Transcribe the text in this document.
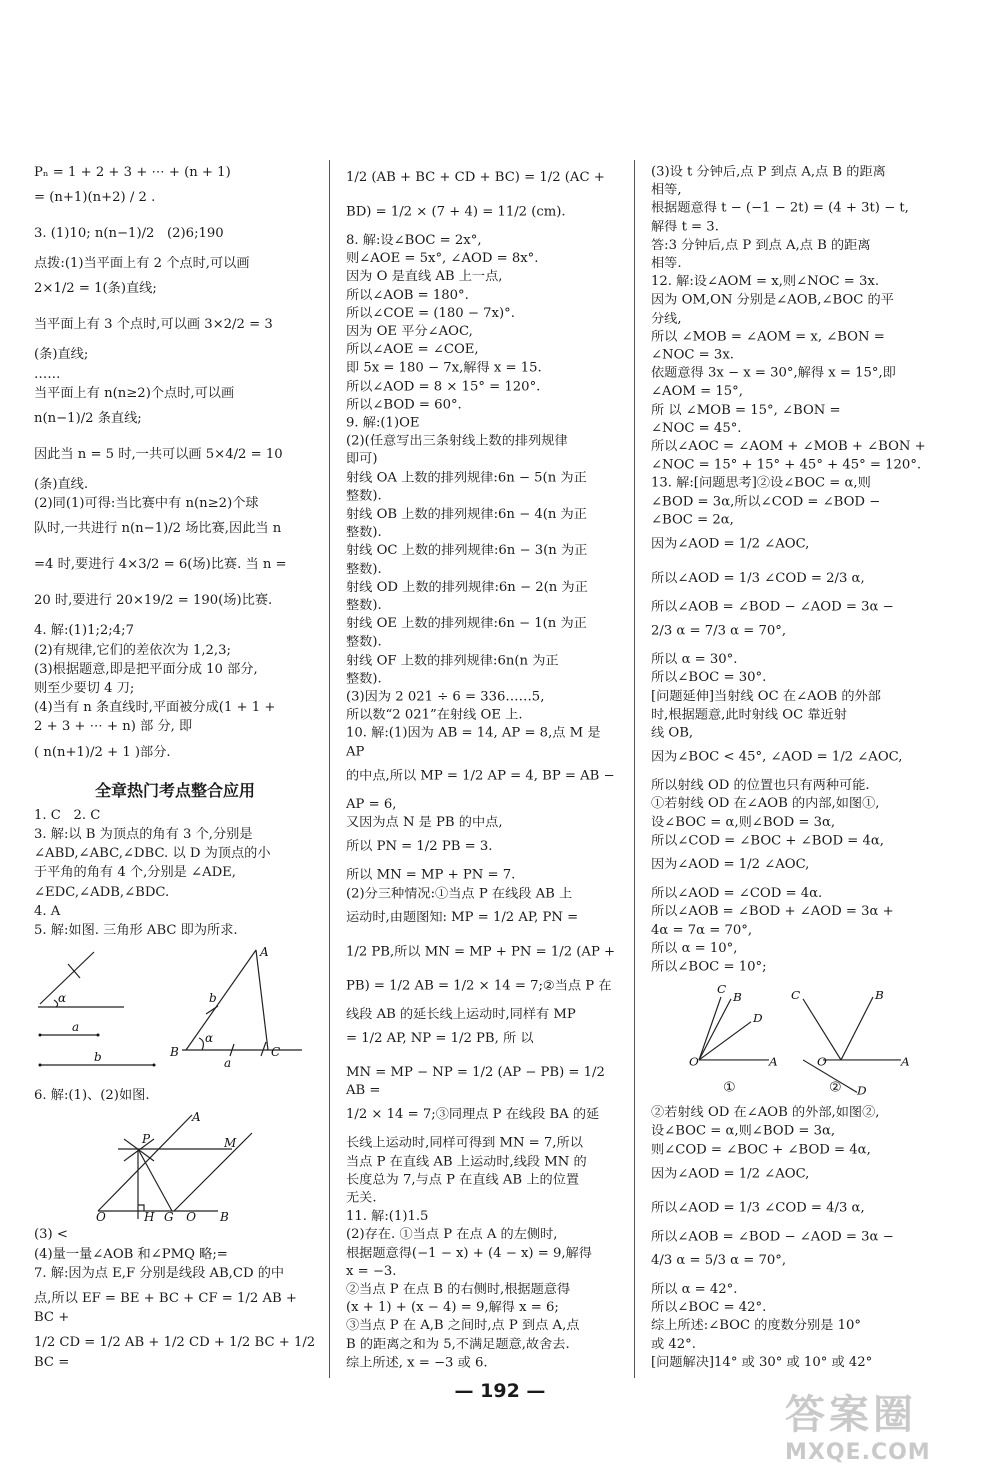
Pₙ = 1 + 2 + 3 + ⋯ + (n + 1)
= (n+1)(n+2) / 2 .
3. (1)10; n(n−1)/2   (2)6;190
点拨:(1)当平面上有 2 个点时,可以画
2×1/2 = 1(条)直线;
当平面上有 3 个点时,可以画 3×2/2 = 3
(条)直线;
……
当平面上有 n(n≥2)个点时,可以画
n(n−1)/2 条直线;
因此当 n = 5 时,一共可以画 5×4/2 = 10
(条)直线.
(2)同(1)可得:当比赛中有 n(n≥2)个球
队时,一共进行 n(n−1)/2 场比赛,因此当 n
=4 时,要进行 4×3/2 = 6(场)比赛. 当 n =
20 时,要进行 20×19/2 = 190(场)比赛.
4. 解:(1)1;2;4;7
(2)有规律,它们的差依次为 1,2,3;
(3)根据题意,即是把平面分成 10 部分,
则至少要切 4 刀;
(4)当有 n 条直线时,平面被分成(1 + 1 +
2 + 3 + ⋯ + n) 部 分, 即
( n(n+1)/2 + 1 )部分.
全章热门考点整合应用
1. C   2. C
3. 解:以 B 为顶点的角有 3 个,分别是
∠ABD,∠ABC,∠DBC. 以 D 为顶点的小
于平角的角有 4 个,分别是 ∠ADE,
∠EDC,∠ADB,∠BDC.
4. A
5. 解:如图. 三角形 ABC 即为所求.
α
a
b	B
A
C
α
b
a
6. 解:(1)、(2)如图.
A
P	M
O	H G Q B
(3) <
(4)量一量∠AOB 和∠PMQ 略;=
7. 解:因为点 E,F 分别是线段 AB,CD 的中
点,所以 EF = BE + BC + CF = 1/2 AB + BC +
1/2 CD = 1/2 AB + 1/2 CD + 1/2 BC + 1/2 BC =
1/2 (AB + BC + CD + BC) = 1/2 (AC +
BD) = 1/2 × (7 + 4) = 11/2 (cm).
8. 解:设∠BOC = 2x°,
则∠AOE = 5x°, ∠AOD = 8x°.
因为 O 是直线 AB 上一点,
所以∠AOB = 180°.
所以∠COE = (180 − 7x)°.
因为 OE 平分∠AOC,
所以∠AOE = ∠COE,
即 5x = 180 − 7x,解得 x = 15.
所以∠AOD = 8 × 15° = 120°.
所以∠BOD = 60°.
9. 解:(1)OE
(2)(任意写出三条射线上数的排列规律
即可)
射线 OA 上数的排列规律:6n − 5(n 为正
整数).
射线 OB 上数的排列规律:6n − 4(n 为正
整数).
射线 OC 上数的排列规律:6n − 3(n 为正
整数).
射线 OD 上数的排列规律:6n − 2(n 为正
整数).
射线 OE 上数的排列规律:6n − 1(n 为正
整数).
射线 OF 上数的排列规律:6n(n 为正
整数).
(3)因为 2 021 ÷ 6 = 336……5,
所以数“2 021”在射线 OE 上.
10. 解:(1)因为 AB = 14, AP = 8,点 M 是 AP
的中点,所以 MP = 1/2 AP = 4, BP = AB −
AP = 6,
又因为点 N 是 PB 的中点,
所以 PN = 1/2 PB = 3.
所以 MN = MP + PN = 7.
(2)分三种情况:①当点 P 在线段 AB 上
运动时,由题图知: MP = 1/2 AP, PN =
1/2 PB,所以 MN = MP + PN = 1/2 (AP +
PB) = 1/2 AB = 1/2 × 14 = 7;②当点 P 在
线段 AB 的延长线上运动时,同样有 MP
= 1/2 AP, NP = 1/2 PB, 所 以
MN = MP − NP = 1/2 (AP − PB) = 1/2 AB =
1/2 × 14 = 7;③同理点 P 在线段 BA 的延
长线上运动时,同样可得到 MN = 7,所以
当点 P 在直线 AB 上运动时,线段 MN 的
长度总为 7,与点 P 在直线 AB 上的位置
无关.
11. 解:(1)1.5
(2)存在. ①当点 P 在点 A 的左侧时,
根据题意得(−1 − x) + (4 − x) = 9,解得
x = −3.
②当点 P 在点 B 的右侧时,根据题意得
(x + 1) + (x − 4) = 9,解得 x = 6;
③当点 P 在 A,B 之间时,点 P 到点 A,点
B 的距离之和为 5,不满足题意,故舍去.
综上所述, x = −3 或 6.
(3)设 t 分钟后,点 P 到点 A,点 B 的距离
相等,
根据题意得 t − (−1 − 2t) = (4 + 3t) − t,
解得 t = 3.
答:3 分钟后,点 P 到点 A,点 B 的距离
相等.
12. 解:设∠AOM = x,则∠NOC = 3x.
因为 OM,ON 分别是∠AOB,∠BOC 的平
分线,
所以 ∠MOB = ∠AOM = x, ∠BON =
∠NOC = 3x.
依题意得 3x − x = 30°,解得 x = 15°,即
∠AOM = 15°,
所 以 ∠MOB = 15°, ∠BON =
∠NOC = 45°.
所以∠AOC = ∠AOM + ∠MOB + ∠BON +
∠NOC = 15° + 15° + 45° + 45° = 120°.
13. 解:[问题思考]②设∠BOC = α,则
∠BOD = 3α,所以∠COD = ∠BOD −
∠BOC = 2α,
因为∠AOD = 1/2 ∠AOC,
所以∠AOD = 1/3 ∠COD = 2/3 α,
所以∠AOB = ∠BOD − ∠AOD = 3α −
2/3 α = 7/3 α = 70°,
所以 α = 30°.
所以∠BOC = 30°.
[问题延伸]当射线 OC 在∠AOB 的外部
时,根据题意,此时射线 OC 靠近射
线 OB,
因为∠BOC < 45°, ∠AOD = 1/2 ∠AOC,
所以射线 OD 的位置也只有两种可能.
①若射线 OD 在∠AOB 的内部,如图①,
设∠BOC = α,则∠BOD = 3α,
所以∠COD = ∠BOC + ∠BOD = 4α,
因为∠AOD = 1/2 ∠AOC,
所以∠AOD = ∠COD = 4α.
所以∠AOB = ∠BOD + ∠AOD = 3α +
4α = 7α = 70°,
所以 α = 10°,
所以∠BOC = 10°;
C
B
D
A
O
C	B
O	A
D
①	②
②若射线 OD 在∠AOB 的外部,如图②,
设∠BOC = α,则∠BOD = 3α,
则∠COD = ∠BOC + ∠BOD = 4α,
因为∠AOD = 1/2 ∠AOC,
所以∠AOD = 1/3 ∠COD = 4/3 α,
所以∠AOB = ∠BOD − ∠AOD = 3α −
4/3 α = 5/3 α = 70°,
所以 α = 42°.
所以∠BOC = 42°.
综上所述:∠BOC 的度数分别是 10°
或 42°.
[问题解决]14° 或 30° 或 10° 或 42°
— 192 —
答案圈
MXQE.COM
